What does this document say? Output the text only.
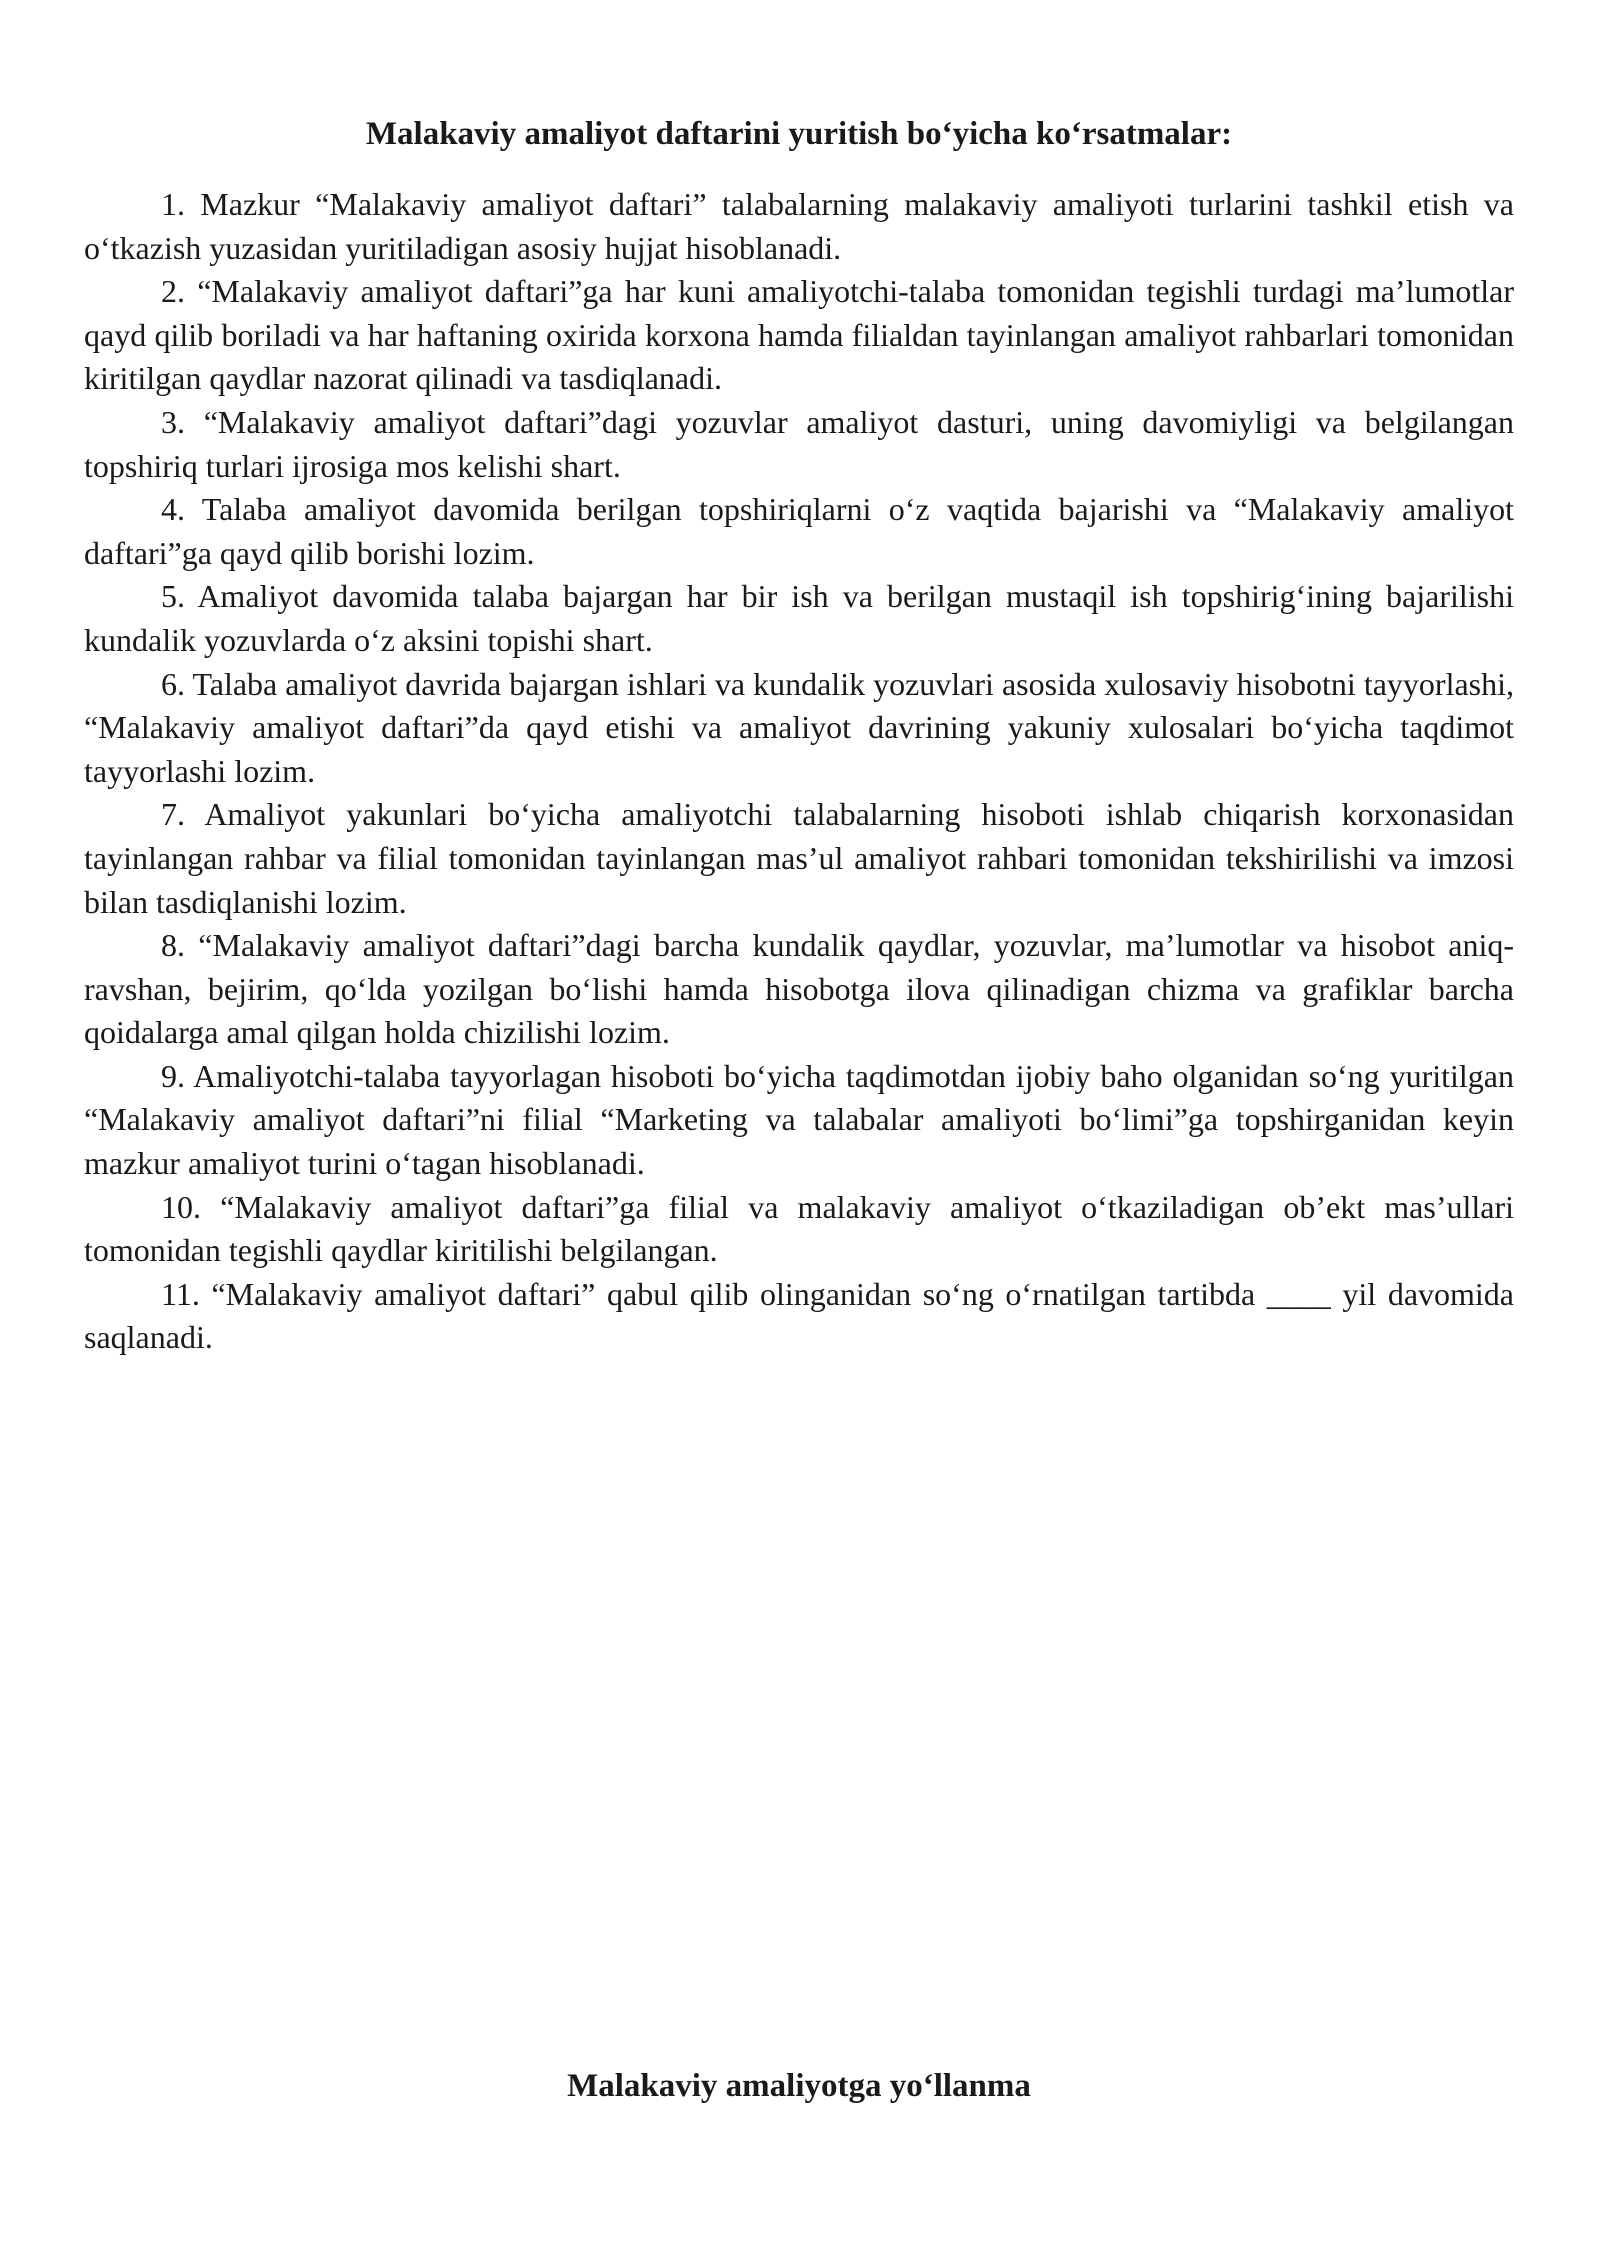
Malakaviy amaliyot daftarini yuritish bo‘yicha ko‘rsatmalar:

1. Mazkur “Malakaviy amaliyot daftari” talabalarning malakaviy amaliyoti turlarini tashkil etish va o‘tkazish yuzasidan yuritiladigan asosiy hujjat hisoblanadi.

2. “Malakaviy amaliyot daftari”ga har kuni amaliyotchi-talaba tomonidan tegishli turdagi ma’lumotlar qayd qilib boriladi va har haftaning oxirida korxona hamda filialdan tayinlangan amaliyot rahbarlari tomonidan kiritilgan qaydlar nazorat qilinadi va tasdiqlanadi.

3. “Malakaviy amaliyot daftari”dagi yozuvlar amaliyot dasturi, uning davomiyligi va belgilangan topshiriq turlari ijrosiga mos kelishi shart.

4. Talaba amaliyot davomida berilgan topshiriqlarni o‘z vaqtida bajarishi va “Malakaviy amaliyot daftari”ga qayd qilib borishi lozim.

5. Amaliyot davomida talaba bajargan har bir ish va berilgan mustaqil ish topshirig‘ining bajarilishi kundalik yozuvlarda o‘z aksini topishi shart.

6. Talaba amaliyot davrida bajargan ishlari va kundalik yozuvlari asosida xulosaviy hisobotni tayyorlashi, “Malakaviy amaliyot daftari”da qayd etishi va amaliyot davrining yakuniy xulosalari bo‘yicha taqdimot tayyorlashi lozim.

7. Amaliyot yakunlari bo‘yicha amaliyotchi talabalarning hisoboti ishlab chiqarish korxonasidan tayinlangan rahbar va filial tomonidan tayinlangan mas’ul amaliyot rahbari tomonidan tekshirilishi va imzosi bilan tasdiqlanishi lozim.

8. “Malakaviy amaliyot daftari”dagi barcha kundalik qaydlar, yozuvlar, ma’lumotlar va hisobot aniq-ravshan, bejirim, qo‘lda yozilgan bo‘lishi hamda hisobotga ilova qilinadigan chizma va grafiklar barcha qoidalarga amal qilgan holda chizilishi lozim.

9. Amaliyotchi-talaba tayyorlagan hisoboti bo‘yicha taqdimotdan ijobiy baho olganidan so‘ng yuritilgan “Malakaviy amaliyot daftari”ni filial “Marketing va talabalar amaliyoti bo‘limi”ga topshirganidan keyin mazkur amaliyot turini o‘tagan hisoblanadi.

10. “Malakaviy amaliyot daftari”ga filial va malakaviy amaliyot o‘tkaziladigan ob’ekt mas’ullari tomonidan tegishli qaydlar kiritilishi belgilangan.

11. “Malakaviy amaliyot daftari” qabul qilib olinganidan so‘ng o‘rnatilgan tartibda ____ yil davomida saqlanadi.

Malakaviy amaliyotga yo‘llanma
